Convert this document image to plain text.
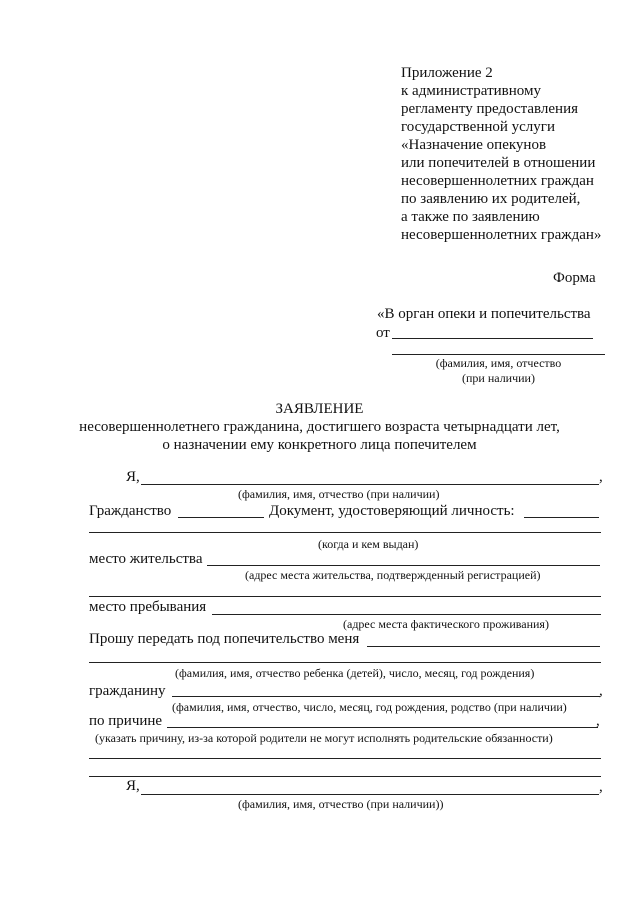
Приложение 2
к административному
регламенту предоставления
государственной услуги
«Назначение опекунов
или попечителей в отношении
несовершеннолетних граждан
по заявлению их родителей,
а также по заявлению
несовершеннолетних граждан»
Форма
«В орган опеки и попечительства
от
(фамилия, имя, отчество
(при наличии)
ЗАЯВЛЕНИЕ
несовершеннолетнего гражданина, достигшего возраста четырнадцати лет,
о назначении ему конкретного лица попечителем
Я,	,
(фамилия, имя, отчество (при наличии)
Гражданство	Документ, удостоверяющий личность:
(когда и кем выдан)
место жительства
(адрес места жительства, подтвержденный регистрацией)
место пребывания
(адрес места фактического проживания)
Прошу передать под попечительство меня
(фамилия, имя, отчество ребенка (детей), число, месяц, год рождения)
гражданину	,
(фамилия, имя, отчество, число, месяц, год рождения, родство (при наличии)
по причине	,
(указать причину, из-за которой родители не могут исполнять родительские обязанности)
Я,	,
(фамилия, имя, отчество (при наличии))
